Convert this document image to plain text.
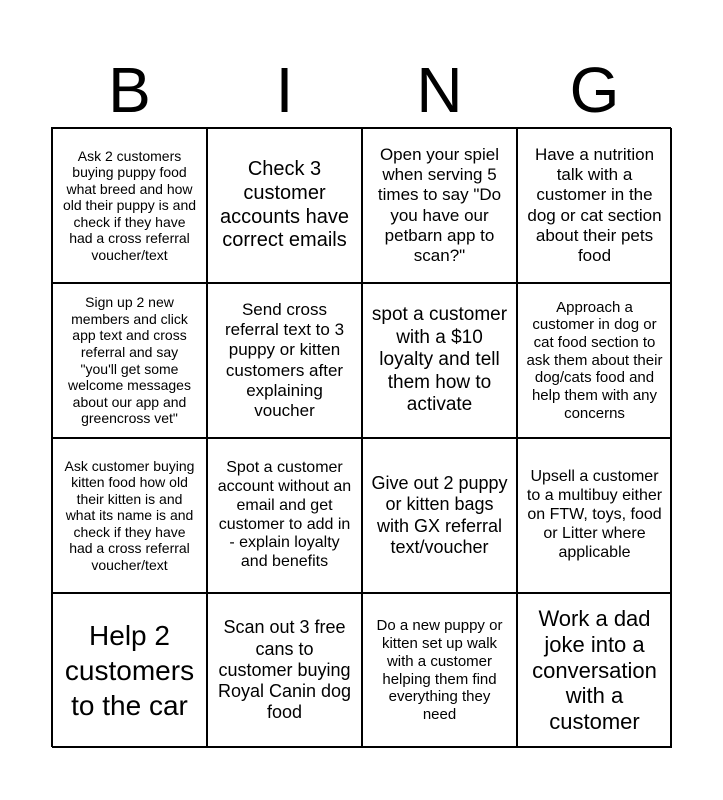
B	I	N	G
Ask 2 customers buying puppy food what breed and how old their puppy is and check if they have had a cross referral voucher/text
Check 3 customer accounts have correct emails
Open your spiel when serving 5 times to say "Do you have our petbarn app to scan?"
Have a nutrition talk with a customer in the dog or cat section about their pets food
Sign up 2 new members and click app text and cross referral and say "you'll get some welcome messages about our app and greencross vet"
Send cross referral text to 3 puppy or kitten customers after explaining voucher
spot a customer with a $10 loyalty and tell them how to activate
Approach a customer in dog or cat food section to ask them about their dog/cats food and help them with any concerns
Ask customer buying kitten food how old their kitten is and what its name is and check if they have had a cross referral voucher/text
Spot a customer account without an email and get customer to add in - explain loyalty and benefits
Give out 2 puppy or kitten bags with GX referral text/voucher
Upsell a customer to a multibuy either on FTW, toys, food or Litter where applicable
Help 2 customers to the car
Scan out 3 free cans to customer buying Royal Canin dog food
Do a new puppy or kitten set up walk with a customer helping them find everything they need
Work a dad joke into a conversation with a customer
